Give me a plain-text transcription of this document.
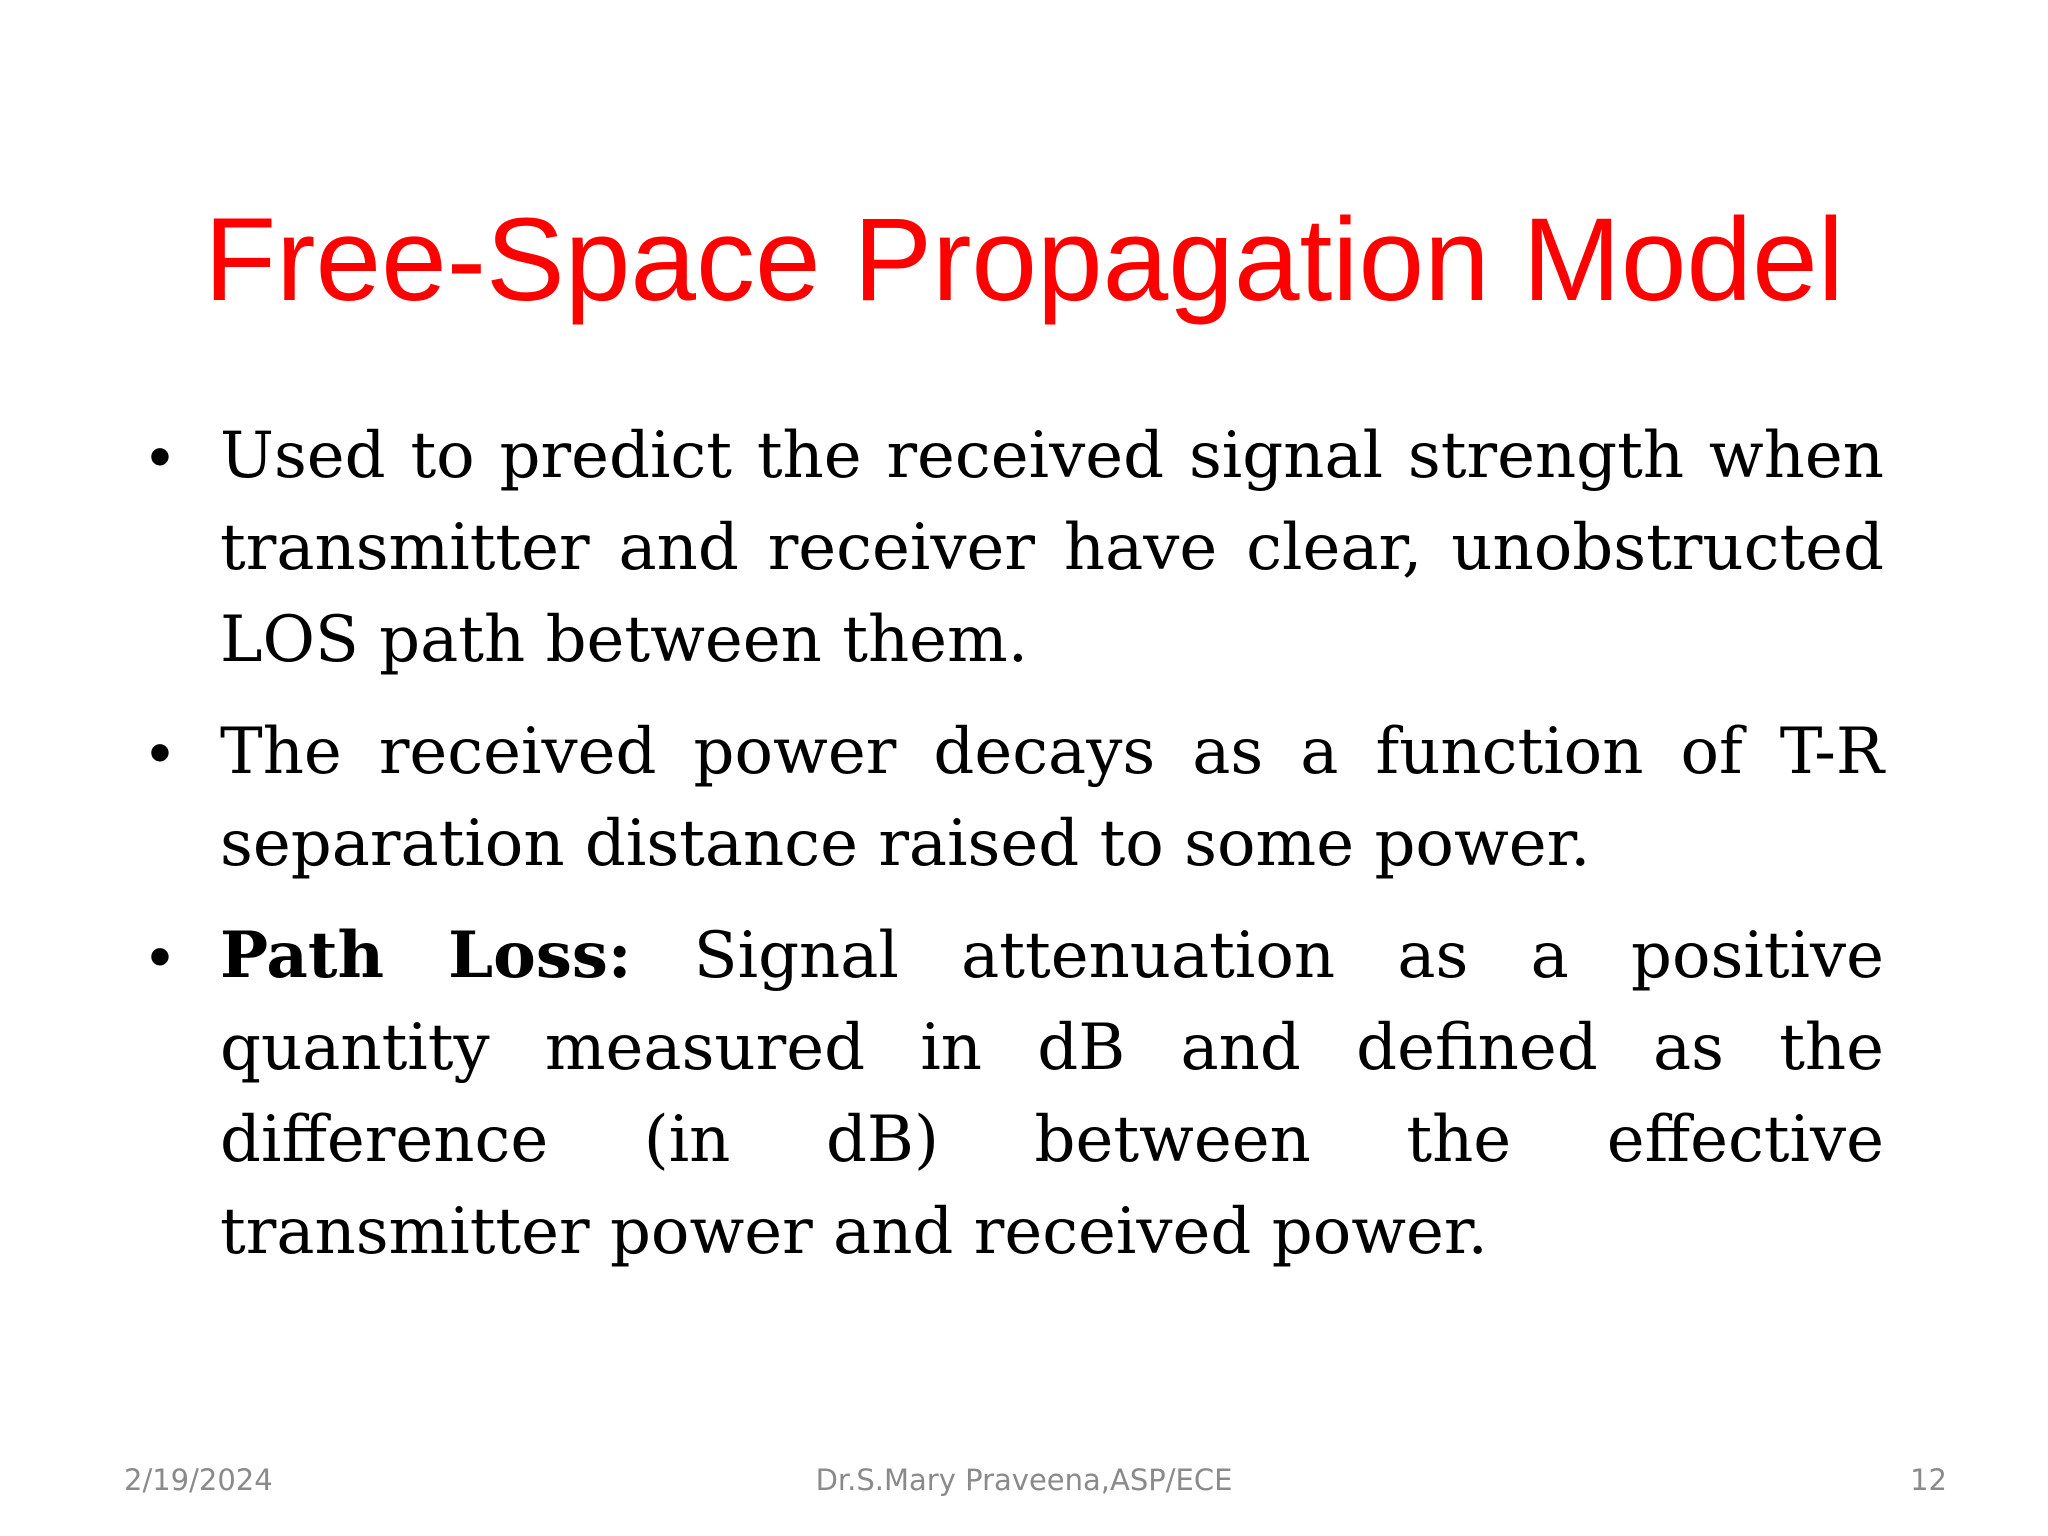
Free-Space Propagation Model
• Used to predict the received signal strength when transmitter and receiver have clear, unobstructed LOS path between them.
• The received power decays as a function of T-R separation distance raised to some power.
• Path Loss: Signal attenuation as a positive quantity measured in dB and defined as the difference (in dB) between the effective transmitter power and received power.
2/19/2024	Dr.S.Mary Praveena,ASP/ECE	12
